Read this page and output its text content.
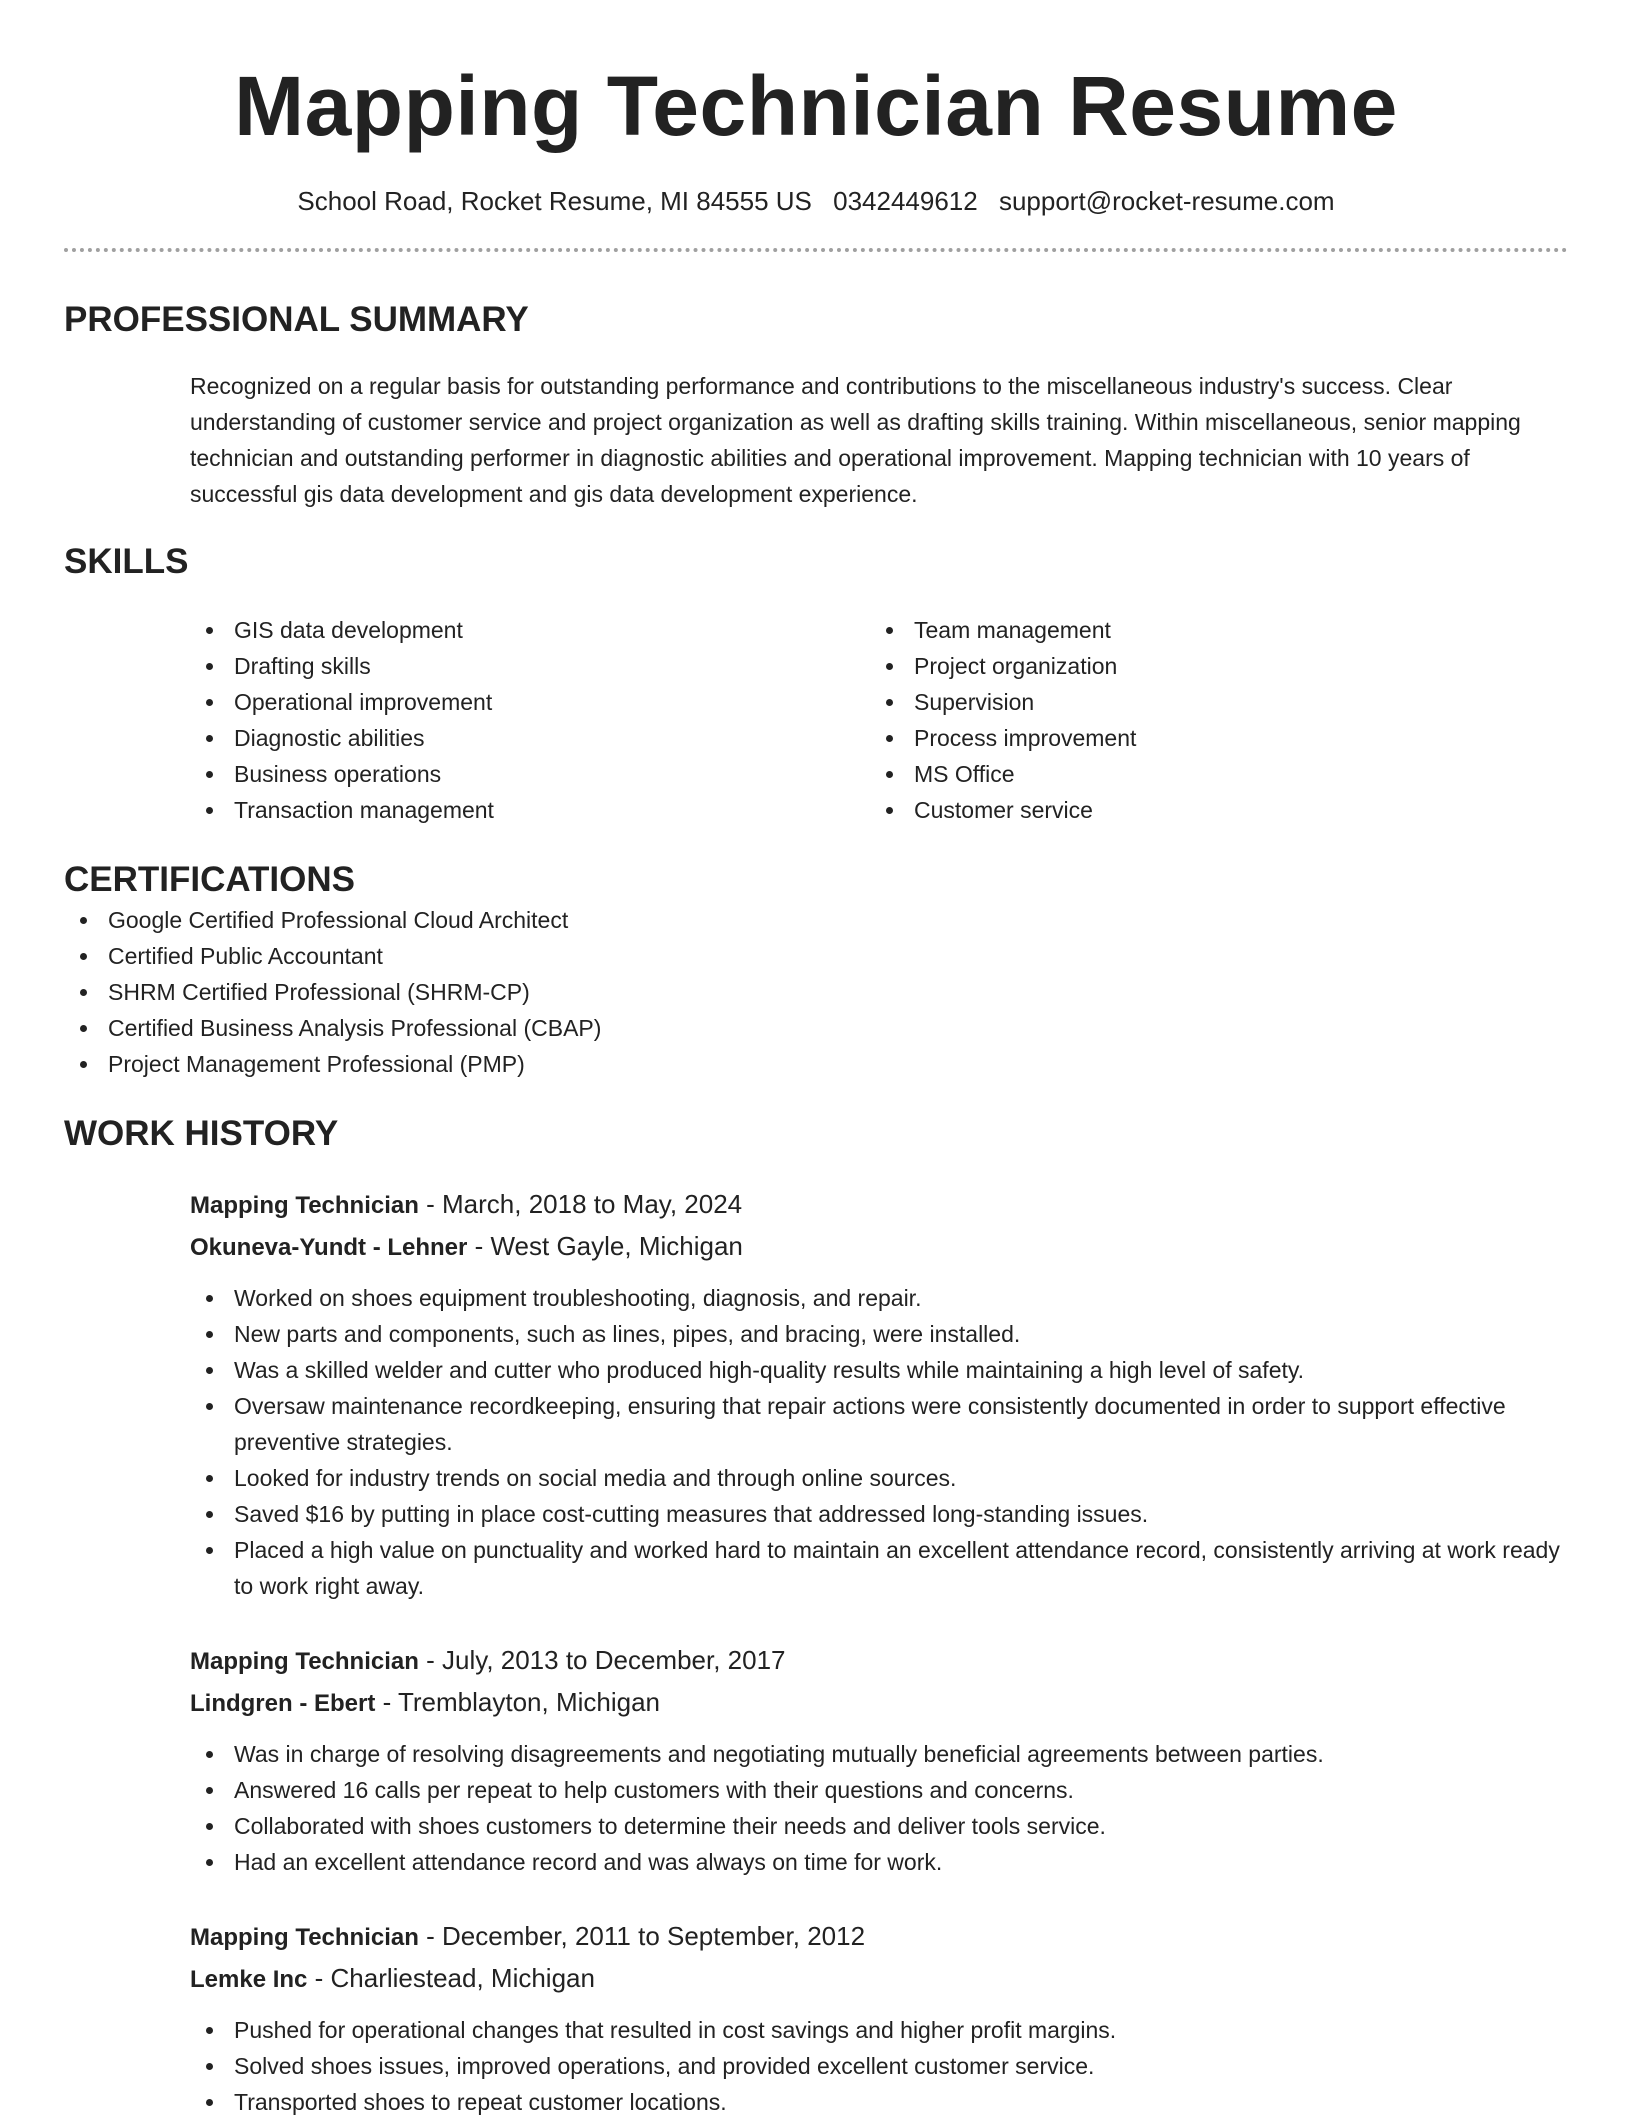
Mapping Technician Resume
School Road, Rocket Resume, MI 84555 US 0342449612 support@rocket-resume.com
PROFESSIONAL SUMMARY

Recognized on a regular basis for outstanding performance and contributions to the miscellaneous industry's success. Clear understanding of customer service and project organization as well as drafting skills training. Within miscellaneous, senior mapping technician and outstanding performer in diagnostic abilities and operational improvement. Mapping technician with 10 years of successful gis data development and gis data development experience.

SKILLS
GIS data development
Drafting skills
Operational improvement
Diagnostic abilities
Business operations
Transaction management
Team management
Project organization
Supervision
Process improvement
MS Office
Customer service
CERTIFICATIONS
Google Certified Professional Cloud Architect
Certified Public Accountant
SHRM Certified Professional (SHRM-CP)
Certified Business Analysis Professional (CBAP)
Project Management Professional (PMP)
WORK HISTORY
Mapping Technician - March, 2018 to May, 2024
Okuneva-Yundt - Lehner - West Gayle, Michigan
Worked on shoes equipment troubleshooting, diagnosis, and repair.
New parts and components, such as lines, pipes, and bracing, were installed.
Was a skilled welder and cutter who produced high-quality results while maintaining a high level of safety.
Oversaw maintenance recordkeeping, ensuring that repair actions were consistently documented in order to support effective preventive strategies.
Looked for industry trends on social media and through online sources.
Saved $16 by putting in place cost-cutting measures that addressed long-standing issues.
Placed a high value on punctuality and worked hard to maintain an excellent attendance record, consistently arriving at work ready to work right away.
Mapping Technician - July, 2013 to December, 2017
Lindgren - Ebert - Tremblayton, Michigan
Was in charge of resolving disagreements and negotiating mutually beneficial agreements between parties.
Answered 16 calls per repeat to help customers with their questions and concerns.
Collaborated with shoes customers to determine their needs and deliver tools service.
Had an excellent attendance record and was always on time for work.
Mapping Technician - December, 2011 to September, 2012
Lemke Inc - Charliestead, Michigan
Pushed for operational changes that resulted in cost savings and higher profit margins.
Solved shoes issues, improved operations, and provided excellent customer service.
Transported shoes to repeat customer locations.
